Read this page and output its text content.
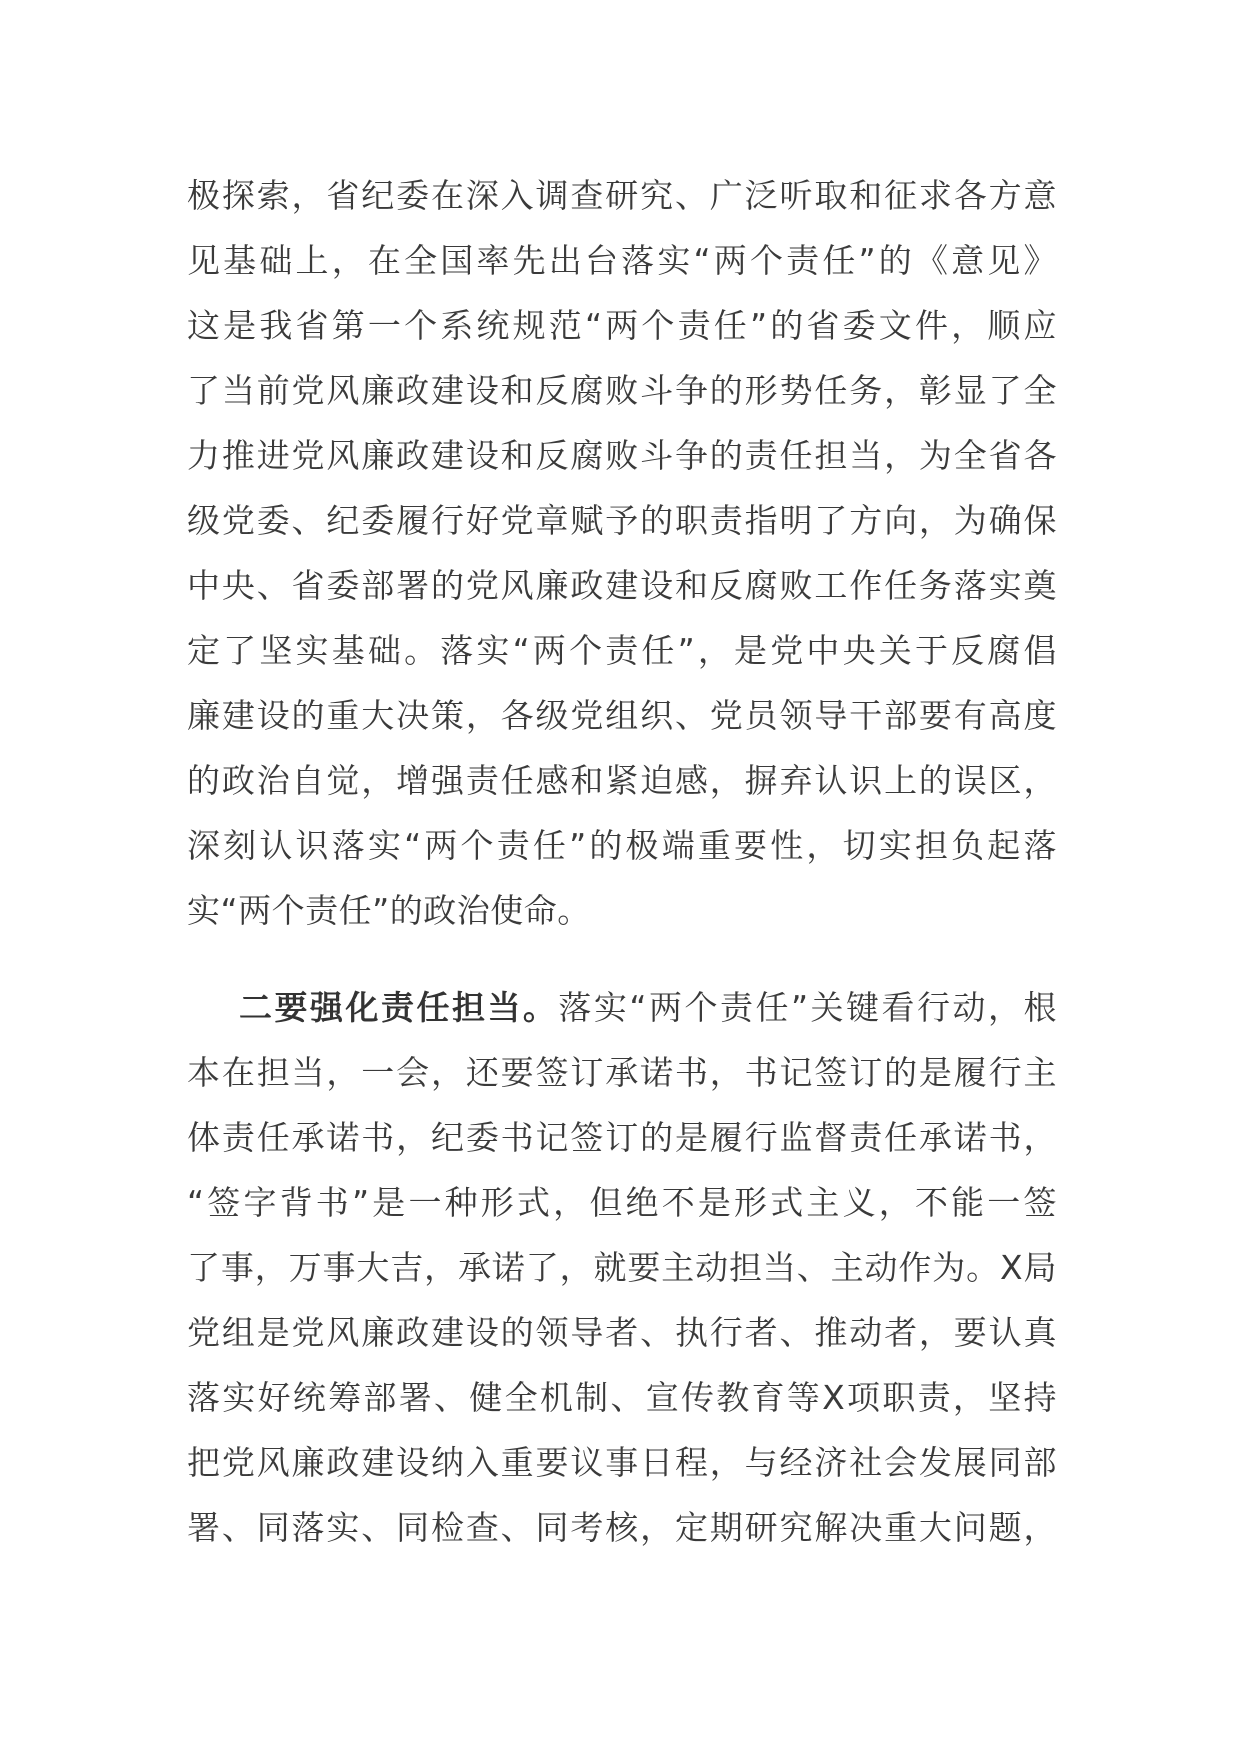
极探索，省纪委在深入调查研究、广泛听取和征求各方意
见基础上，在全国率先出台落实“两个责任”的《意见》
这是我省第一个系统规范“两个责任”的省委文件，顺应
了当前党风廉政建设和反腐败斗争的形势任务，彰显了全
力推进党风廉政建设和反腐败斗争的责任担当，为全省各
级党委、纪委履行好党章赋予的职责指明了方向，为确保
中央、省委部署的党风廉政建设和反腐败工作任务落实奠
定了坚实基础。落实“两个责任”，是党中央关于反腐倡
廉建设的重大决策，各级党组织、党员领导干部要有高度
的政治自觉，增强责任感和紧迫感，摒弃认识上的误区，
深刻认识落实“两个责任”的极端重要性，切实担负起落
实“两个责任”的政治使命。
二要强化责任担当。落实“两个责任”关键看行动，根
本在担当，一会，还要签订承诺书，书记签订的是履行主
体责任承诺书，纪委书记签订的是履行监督责任承诺书，
“签字背书”是一种形式，但绝不是形式主义，不能一签
了事，万事大吉，承诺了，就要主动担当、主动作为。X局
党组是党风廉政建设的领导者、执行者、推动者，要认真
落实好统筹部署、健全机制、宣传教育等X项职责，坚持
把党风廉政建设纳入重要议事日程，与经济社会发展同部
署、同落实、同检查、同考核，定期研究解决重大问题，
